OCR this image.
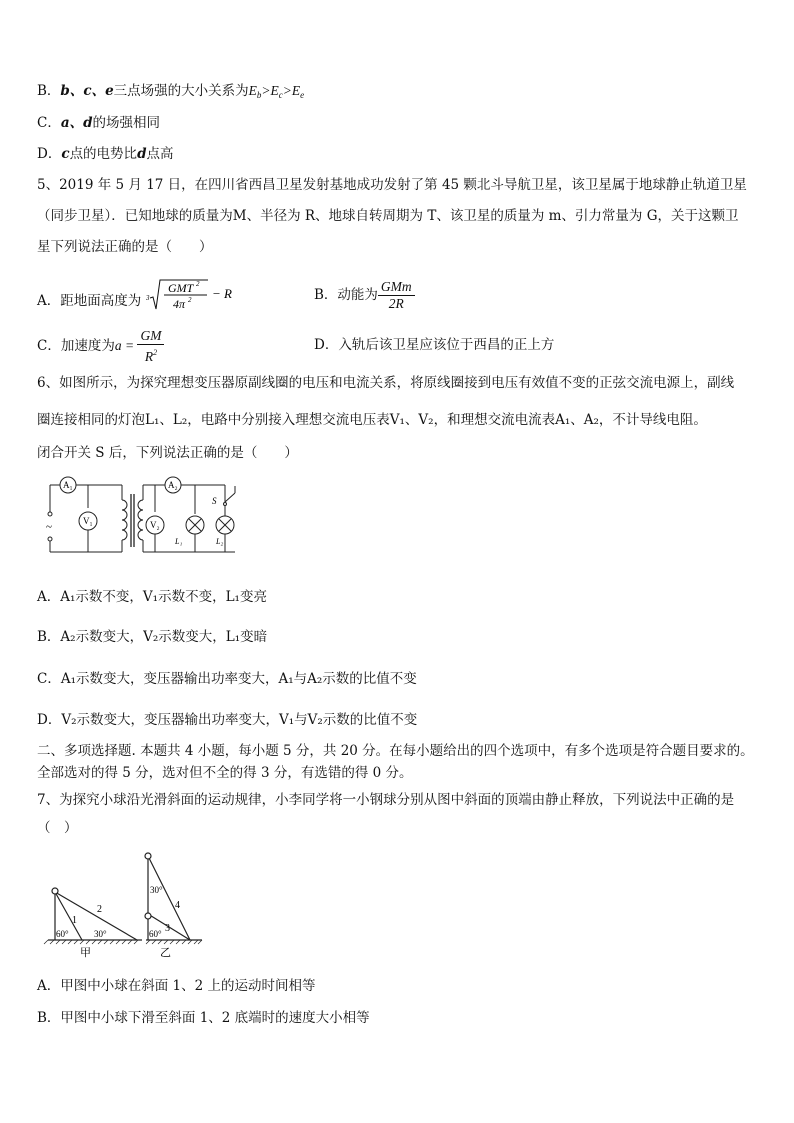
B．b、c、e三点场强的大小关系为$E_b>E_c>E_e$
C．a、d的场强相同
D．c点的电势比d点高
5、2019 年 5 月 17 日，在四川省西昌卫星发射基地成功发射了第 45 颗北斗导航卫星，该卫星属于地球静止轨道卫星
（同步卫星）．已知地球的质量为M、半径为 R、地球自转周期为 T、该卫星的质量为 m、引力常量为 G，关于这颗卫
星下列说法正确的是（　　）
A．距地面高度为 3
GMT 2
4π 2 − R	B．动能为 $\frac{\text{GMm}}{2R}$
C．加速度为$a = \frac{GM}{R^2}$	D．入轨后该卫星应该位于西昌的正上方
6、如图所示，为探究理想变压器原副线圈的电压和电流关系，将原线圈接到电压有效值不变的正弦交流电源上，副线
圈连接相同的灯泡L₁、L₂，电路中分别接入理想交流电压表V₁、V₂，和理想交流电流表A₁、A₂，不计导线电阻。
闭合开关 S 后，下列说法正确的是（　　）
A₁	A₂
V₁	V₂
L₁	L₂
S
~
A．A₁示数不变，V₁示数不变，L₁变亮
B．A₂示数变大，V₂示数变大，L₁变暗
C．A₁示数变大，变压器输出功率变大，A₁与A₂示数的比值不变
D．V₂示数变大，变压器输出功率变大，V₁与V₂示数的比值不变
二、多项选择题. 本题共 4 小题，每小题 5 分，共 20 分。在每小题给出的四个选项中，有多个选项是符合题目要求的。
全部选对的得 5 分，选对但不全的得 3 分，有选错的得 0 分。
7、为探究小球沿光滑斜面的运动规律，小李同学将一小钢球分别从图中斜面的顶端由静止释放，下列说法中正确的是
（　）
1
2
60°	30°
甲
30°
4
3
60°
乙
A．甲图中小球在斜面 1、2 上的运动时间相等
B．甲图中小球下滑至斜面 1、2 底端时的速度大小相等
